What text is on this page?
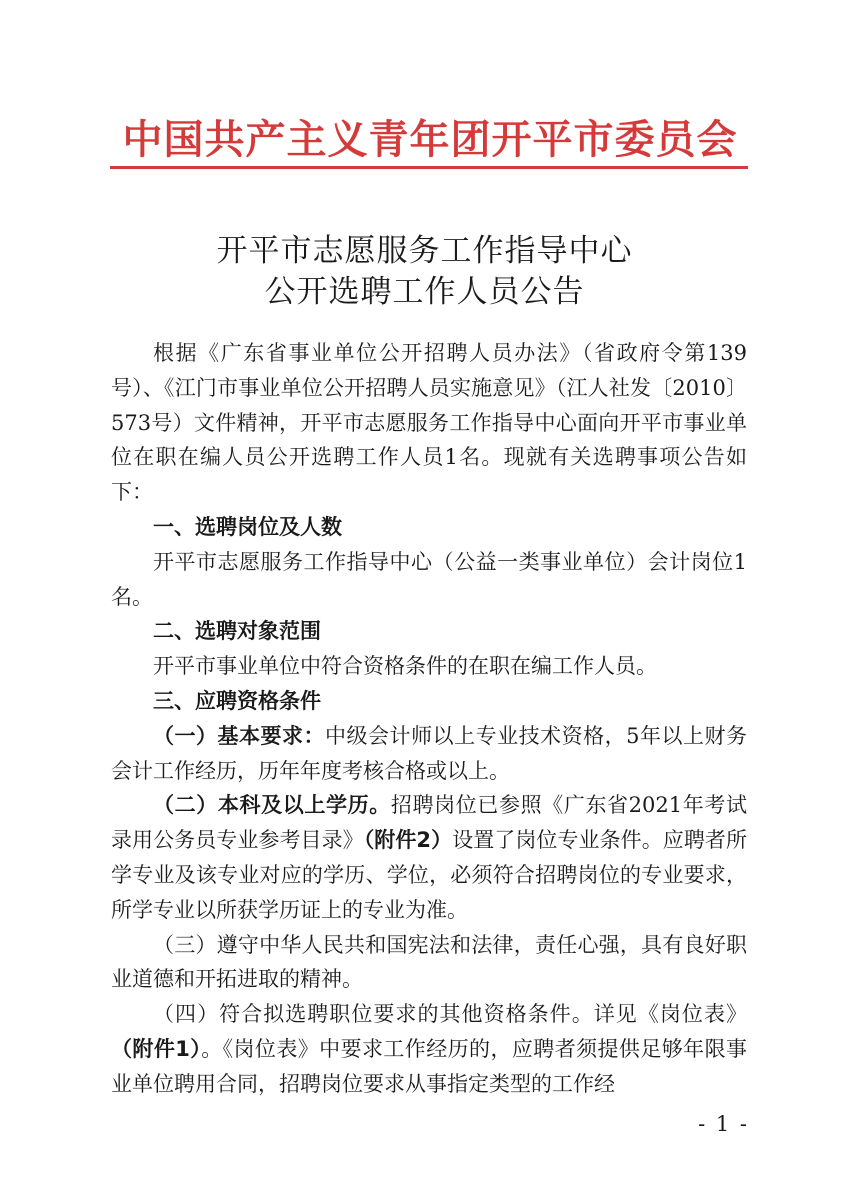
中国共产主义青年团开平市委员会
开平市志愿服务工作指导中心
公开选聘工作人员公告

根据《广东省事业单位公开招聘人员办法》（省政府令第139号）、《江门市事业单位公开招聘人员实施意见》（江人社发〔2010〕573号）文件精神，开平市志愿服务工作指导中心面向开平市事业单位在职在编人员公开选聘工作人员1名。现就有关选聘事项公告如下：

一、选聘岗位及人数

开平市志愿服务工作指导中心（公益一类事业单位）会计岗位1名。

二、选聘对象范围

开平市事业单位中符合资格条件的在职在编工作人员。

三、应聘资格条件

（一）基本要求：中级会计师以上专业技术资格，5年以上财务会计工作经历，历年年度考核合格或以上。

（二）本科及以上学历。招聘岗位已参照《广东省2021年考试录用公务员专业参考目录》（附件2）设置了岗位专业条件。应聘者所学专业及该专业对应的学历、学位，必须符合招聘岗位的专业要求，所学专业以所获学历证上的专业为准。

（三）遵守中华人民共和国宪法和法律，责任心强，具有良好职业道德和开拓进取的精神。

（四）符合拟选聘职位要求的其他资格条件。详见《岗位表》（附件1）。《岗位表》中要求工作经历的，应聘者须提供足够年限事业单位聘用合同，招聘岗位要求从事指定类型的工作经

- 1 -
